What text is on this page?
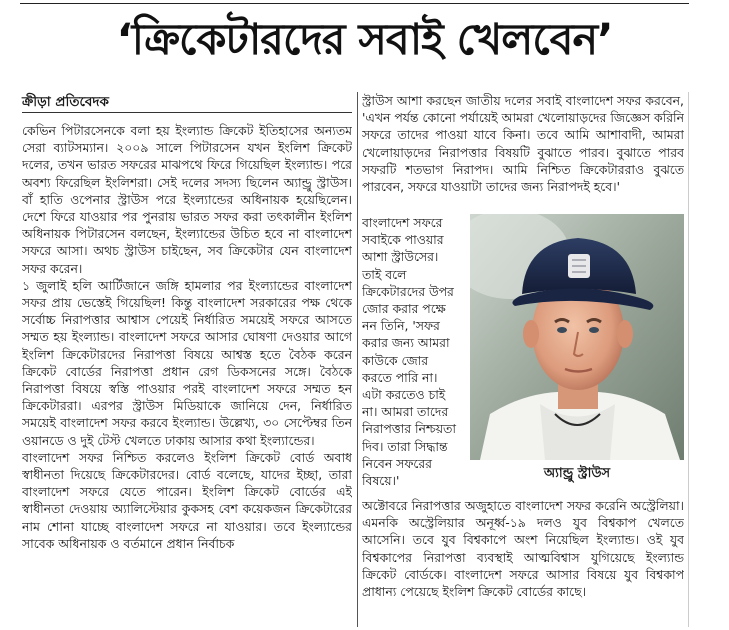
‘ক্রিকেটারদের সবাই খেলবেন’
ক্রীড়া প্রতিবেদক

কেভিন পিটারসেনকে বলা হয় ইংল্যান্ড ক্রিকেট ইতিহাসের অন্যতম সেরা ব্যাটসম্যান। ২০০৯ সালে পিটারসেন যখন ইংলিশ ক্রিকেট দলের, তখন ভারত সফরের মাঝপথে ফিরে গিয়েছিল ইংল্যান্ড। পরে অবশ্য ফিরেছিল ইংলিশরা। সেই দলের সদস্য ছিলেন অ্যান্ড্রু স্ট্রাউস। বাঁ হাতি ওপেনার স্ট্রাউস পরে ইংল্যান্ডের অধিনায়ক হয়েছিলেন। দেশে ফিরে যাওয়ার পর পুনরায় ভারত সফর করা তৎকালীন ইংলিশ অধিনায়ক পিটারসেন বলছেন, ইংল্যান্ডের উচিত হবে না বাংলাদেশ সফরে আসা। অথচ স্ট্রাউস চাইছেন, সব ক্রিকেটার যেন বাংলাদেশ সফর করেন।

১ জুলাই হলি আর্টিজানে জঙ্গি হামলার পর ইংল্যান্ডের বাংলাদেশ সফর প্রায় ভেস্তেই গিয়েছিল! কিন্তু বাংলাদেশ সরকারের পক্ষ থেকে সর্বোচ্চ নিরাপত্তার আশ্বাস পেয়েই নির্ধারিত সময়েই সফরে আসতে সম্মত হয় ইংল্যান্ড। বাংলাদেশ সফরে আসার ঘোষণা দেওয়ার আগে ইংলিশ ক্রিকেটারদের নিরাপত্তা বিষয়ে আশ্বস্ত হতে বৈঠক করেন ক্রিকেট বোর্ডের নিরাপত্তা প্রধান রেগ ডিকসনের সঙ্গে। বৈঠকে নিরাপত্তা বিষয়ে স্বস্তি পাওয়ার পরই বাংলাদেশ সফরে সম্মত হন ক্রিকেটাররা। এরপর স্ট্রাউস মিডিয়াকে জানিয়ে দেন, নির্ধারিত সময়েই বাংলাদেশ সফর করবে ইংল্যান্ড। উল্লেখ্য, ৩০ সেপ্টেম্বর তিন ওয়ানডে ও দুই টেস্ট খেলতে ঢাকায় আসার কথা ইংল্যান্ডের।

বাংলাদেশ সফর নিশ্চিত করলেও ইংলিশ ক্রিকেট বোর্ড অবাধ স্বাধীনতা দিয়েছে ক্রিকেটারদের। বোর্ড বলেছে, যাদের ইচ্ছা, তারা বাংলাদেশ সফরে যেতে পারেন। ইংলিশ ক্রিকেট বোর্ডের এই স্বাধীনতা দেওয়ায় অ্যালিস্টেয়ার কুকসহ বেশ কয়েকজন ক্রিকেটারের নাম শোনা যাচ্ছে বাংলাদেশ সফরে না যাওয়ার। তবে ইংল্যান্ডের সাবেক অধিনায়ক ও বর্তমানে প্রধান নির্বাচক

স্ট্রাউস আশা করছেন জাতীয় দলের সবাই বাংলাদেশ সফর করবেন, 'এখন পর্যন্ত কোনো পর্যায়েই আমরা খেলোয়াড়দের জিজ্ঞেস করিনি সফরে তাদের পাওয়া যাবে কিনা। তবে আমি আশাবাদী, আমরা খেলোয়াড়দের নিরাপত্তার বিষয়টি বুঝাতে পারব। বুঝাতে পারব সফরটি শতভাগ নিরাপদ। আমি নিশ্চিত ক্রিকেটাররাও বুঝতে পারবেন, সফরে যাওয়াটা তাদের জন্য নিরাপদই হবে।'

বাংলাদেশ সফরে সবাইকে পাওয়ার আশা স্ট্রাউসের। তাই বলে ক্রিকেটারদের উপর জোর করার পক্ষে নন তিনি, 'সফর করার জন্য আমরা কাউকে জোর করতে পারি না। এটা করতেও চাই না। আমরা তাদের নিরাপত্তার নিশ্চয়তা দিব। তারা সিদ্ধান্ত নিবেন সফরের বিষয়ে।'	অ্যান্ড্রু স্ট্রাউস

অক্টোবরে নিরাপত্তার অজুহাতে বাংলাদেশ সফর করেনি অস্ট্রেলিয়া। এমনকি অস্ট্রেলিয়ার অনূর্ধ্ব-১৯ দলও যুব বিশ্বকাপ খেলতে আসেনি। তবে যুব বিশ্বকাপে অংশ নিয়েছিল ইংল্যান্ড। ওই যুব বিশ্বকাপের নিরাপত্তা ব্যবস্থাই আত্মবিশ্বাস যুগিয়েছে ইংল্যান্ড ক্রিকেট বোর্ডকে। বাংলাদেশ সফরে আসার বিষয়ে যুব বিশ্বকাপ প্রাধান্য পেয়েছে ইংলিশ ক্রিকেট বোর্ডের কাছে।
